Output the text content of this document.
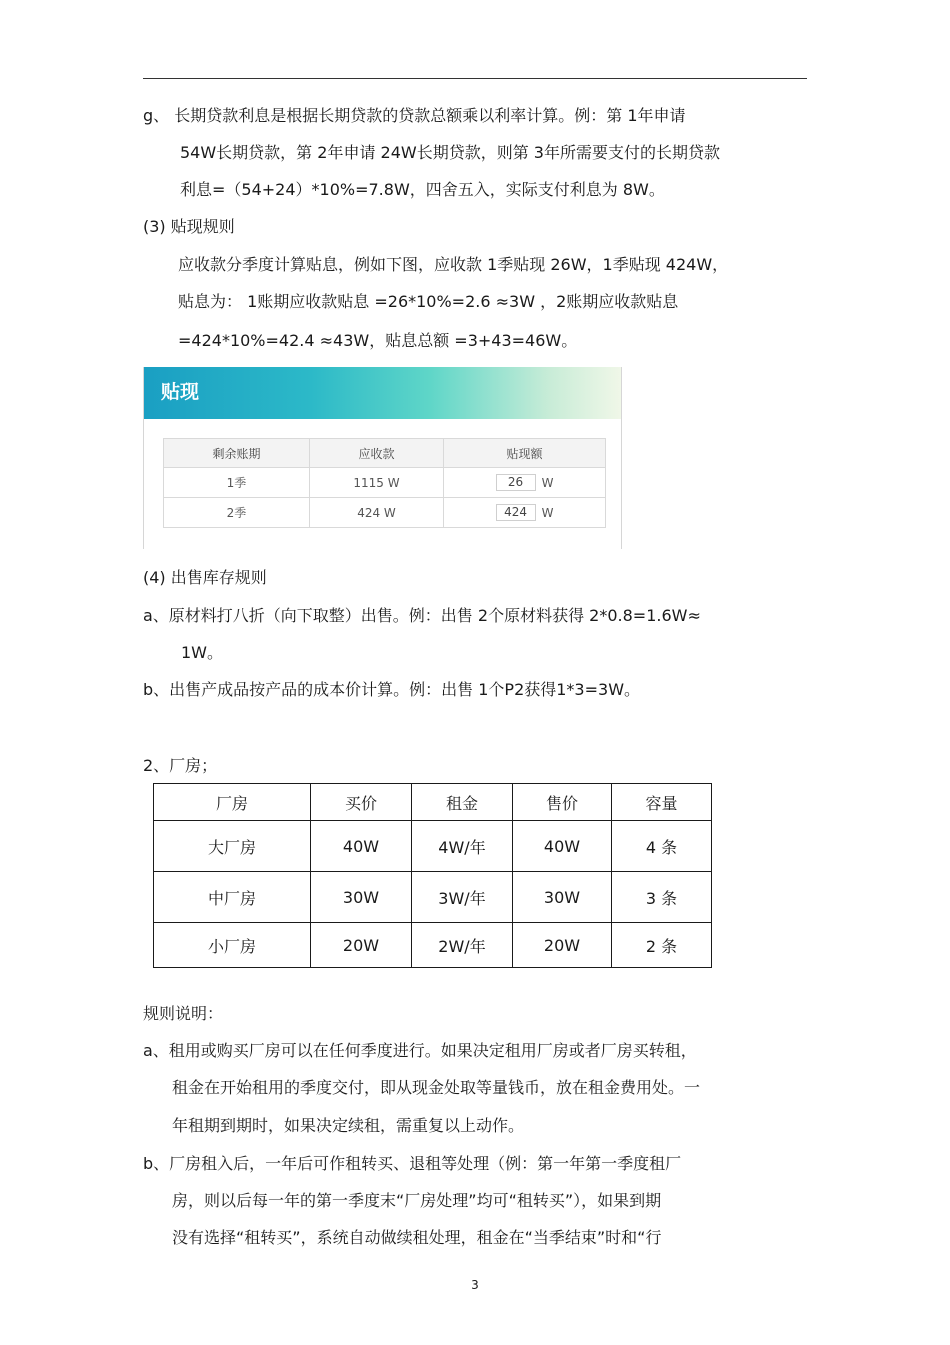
g、 长期贷款利息是根据长期贷款的贷款总额乘以利率计算。例：第 1年申请
54W长期贷款，第 2年申请 24W长期贷款，则第 3年所需要支付的长期贷款
利息=（54+24）*10%=7.8W，四舍五入，实际支付利息为 8W。
(3) 贴现规则
应收款分季度计算贴息，例如下图，应收款 1季贴现 26W，1季贴现 424W，
贴息为： 1账期应收款贴息 =26*10%=2.6 ≈3W ，2账期应收款贴息
=424*10%=42.4 ≈43W，贴息总额 =3+43=46W。
贴现
剩余账期	应收款	贴现额
1季	1115 W	26 W
2季	424 W	424 W
(4) 出售库存规则
a、原材料打八折（向下取整）出售。例：出售 2个原材料获得 2*0.8=1.6W≈
1W。
b、出售产成品按产品的成本价计算。例：出售 1个P2获得1*3=3W。
2、厂房；
厂房	买价	租金	售价	容量
大厂房	40W	4W/年	40W	4 条
中厂房	30W	3W/年	30W	3 条
小厂房	20W	2W/年	20W	2 条
规则说明：
a、租用或购买厂房可以在任何季度进行。如果决定租用厂房或者厂房买转租，
租金在开始租用的季度交付，即从现金处取等量钱币，放在租金费用处。一
年租期到期时，如果决定续租，需重复以上动作。
b、厂房租入后，一年后可作租转买、退租等处理（例：第一年第一季度租厂
房，则以后每一年的第一季度末“厂房处理”均可“租转买”），如果到期
没有选择“租转买”，系统自动做续租处理，租金在“当季结束”时和“行
3
